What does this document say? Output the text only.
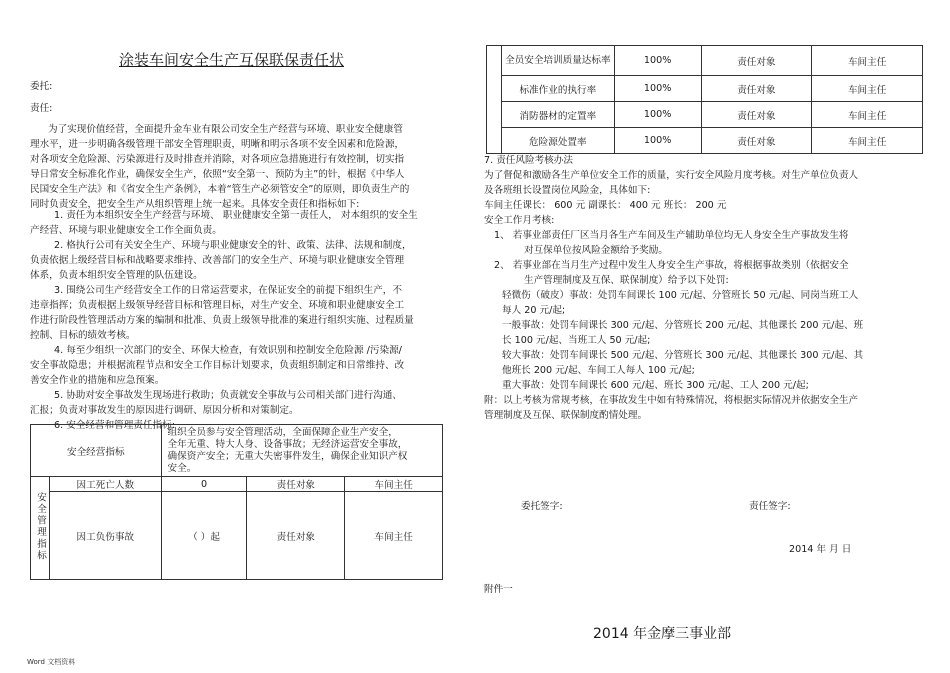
涂装车间安全生产互保联保责任状
委托:
责任:
为了实现价值经营，全面提升金车业有限公司安全生产经营与环境、职业安全健康管
理水平，进一步明确各级管理干部安全管理职责，明晰和明示各项不安全因素和危险源，
对各项安全危险源、污染源进行及时排查并消除，对各项应急措施进行有效控制，切实指
导日常安全标准化作业，确保安全生产，依照“安全第一、预防为主”的针，根据《中华人
民国安全生产法》和《省安全生产条例》，本着“管生产必须管安全”的原则，即负责生产的
同时负责安全，把安全生产从组织管理上统一起来。具体安全责任和指标如下:
1. 责任为本组织安全生产经营与环境、 职业健康安全第一责任人， 对本组织的安全生
产经营、环境与职业健康安全工作全面负责。
2. 格执行公司有关安全生产、环境与职业健康安全的针、政策、法律、法规和制度，
负责依据上级经营目标和战略要求维持、改善部门的安全生产、环境与职业健康安全管理
体系，负责本组织安全管理的队伍建设。
3. 围绕公司生产经营安全工作的日常运营要求，在保证安全的前提下组织生产，不
违章指挥；负责根据上级领导经营目标和管理目标，对生产安全、环境和职业健康安全工
作进行阶段性管理活动方案的编制和批准、负责上级领导批准的案进行组织实施、过程质量
控制、目标的绩效考核。
4. 每至少组织一次部门的安全、环保大检查，有效识别和控制安全危险源 /污染源/
安全事故隐患；并根据流程节点和安全工作目标计划要求，负责组织制定和日常维持、改
善安全作业的措施和应急预案。
5. 协助对安全事故发生现场进行救助；负责就安全事故与公司相关部门进行沟通、
汇报；负责对事故发生的原因进行调研、原因分析和对策制定。
6. 安全经营和管理责任指标:
安全经营指标		组织全员参与安全管理活动，全面保障企业生产安全，
全年无重、特大人身、设备事故；无经济运营安全事故，
确保资产安全；无重大失密事件发生，确保企业知识产权
安全。		

安全管理指标	因工死亡人数	0	责任对象	车间主任
	因工负伤事故	（ ）起	责任对象	车间主任
	全员安全培训质量达标率	100%	责任对象	车间主任
	标准作业的执行率	100%	责任对象	车间主任
	消防器材的定置率	100%	责任对象	车间主任
	危险源处置率	100%	责任对象	车间主任
7. 责任风险考核办法
为了督促和激励各生产单位安全工作的质量，实行安全风险月度考核。对生产单位负责人
及各班组长设置岗位风险金，具体如下:
车间主任课长： 600 元 副课长： 400 元 班长： 200 元
安全工作月考核:
1、 若事业部责任厂区当月各生产车间及生产辅助单位均无人身安全生产事故发生将
对互保单位按风险金额给予奖励。
2、 若事业部在当月生产过程中发生人身安全生产事故，将根据事故类别（依据安全
生产管理制度及互保、联保制度）给予以下处罚:
轻微伤（破皮）事故：处罚车间课长 100 元/起、分管班长 50 元/起、同岗当班工人
每人 20 元/起;
一般事故：处罚车间课长 300 元/起、分管班长 200 元/起、其他课长 200 元/起、班
长 100 元/起、当班工人 50 元/起;
较大事故：处罚车间课长 500 元/起、分管班长 300 元/起、其他课长 300 元/起、其
他班长 200 元/起、车间工人每人 100 元/起;
重大事故：处罚车间课长 600 元/起、班长 300 元/起、工人 200 元/起;
附：以上考核为常规考核，在事故发生中如有特殊情况，将根据实际情况并依据安全生产
管理制度及互保、联保制度酌情处理。
委托签字:	责任签字:
2014 年 月 日
附件一
2014 年金摩三事业部
Word 文档资料
